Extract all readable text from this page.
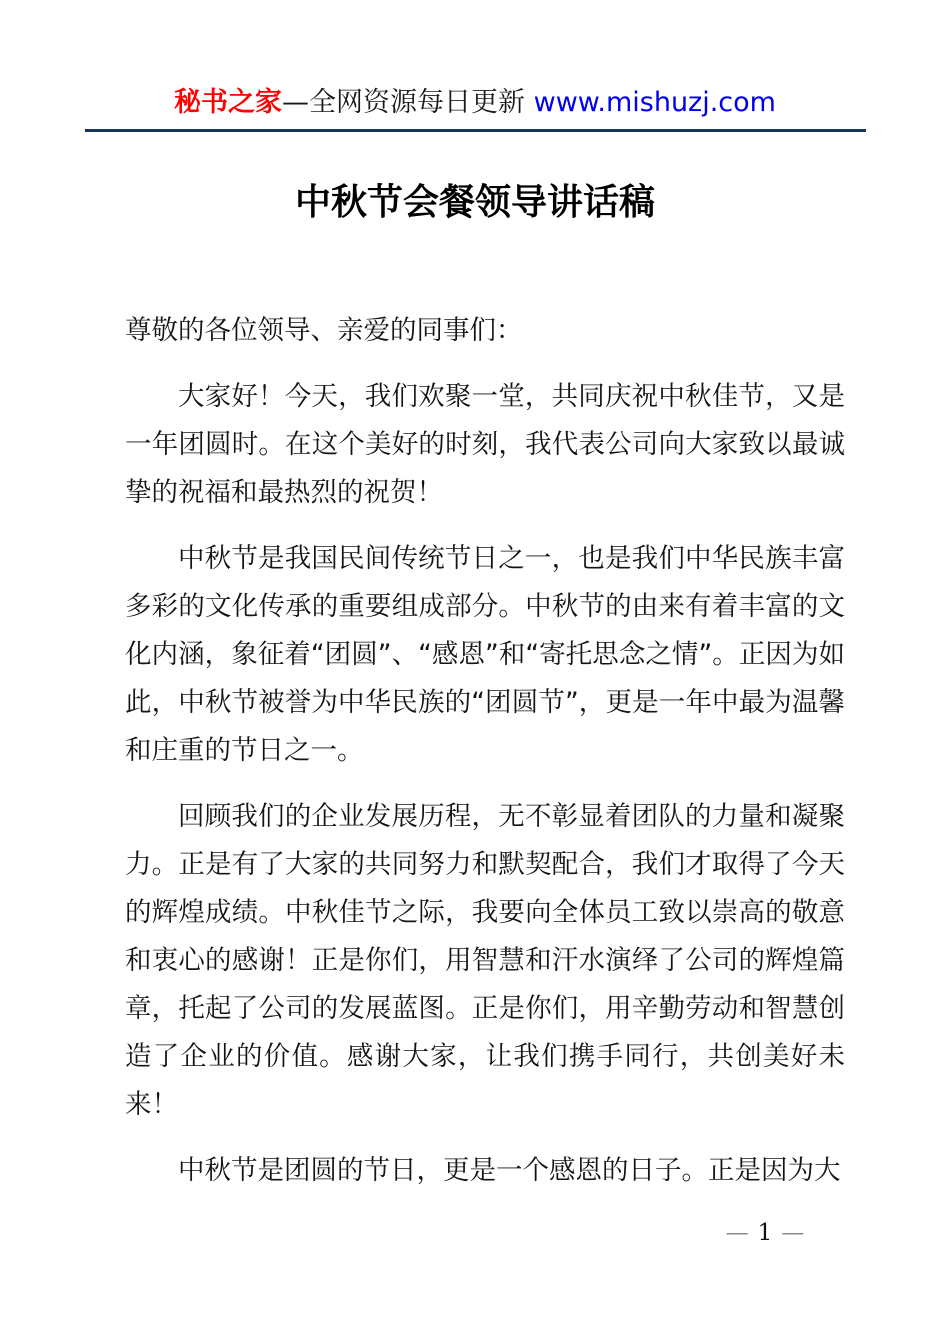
秘书之家—全网资源每日更新 www.mishuzj.com
中秋节会餐领导讲话稿

尊敬的各位领导、亲爱的同事们：

大家好！今天，我们欢聚一堂，共同庆祝中秋佳节，又是一年团圆时。在这个美好的时刻，我代表公司向大家致以最诚挚的祝福和最热烈的祝贺！

中秋节是我国民间传统节日之一，也是我们中华民族丰富多彩的文化传承的重要组成部分。中秋节的由来有着丰富的文化内涵，象征着“团圆”、“感恩”和“寄托思念之情”。正因为如此，中秋节被誉为中华民族的“团圆节”，更是一年中最为温馨和庄重的节日之一。

回顾我们的企业发展历程，无不彰显着团队的力量和凝聚力。正是有了大家的共同努力和默契配合，我们才取得了今天的辉煌成绩。中秋佳节之际，我要向全体员工致以崇高的敬意和衷心的感谢！正是你们，用智慧和汗水演绎了公司的辉煌篇章，托起了公司的发展蓝图。正是你们，用辛勤劳动和智慧创造了企业的价值。感谢大家，让我们携手同行，共创美好未来！

中秋节是团圆的节日，更是一个感恩的日子。正是因为大

— 1 —
